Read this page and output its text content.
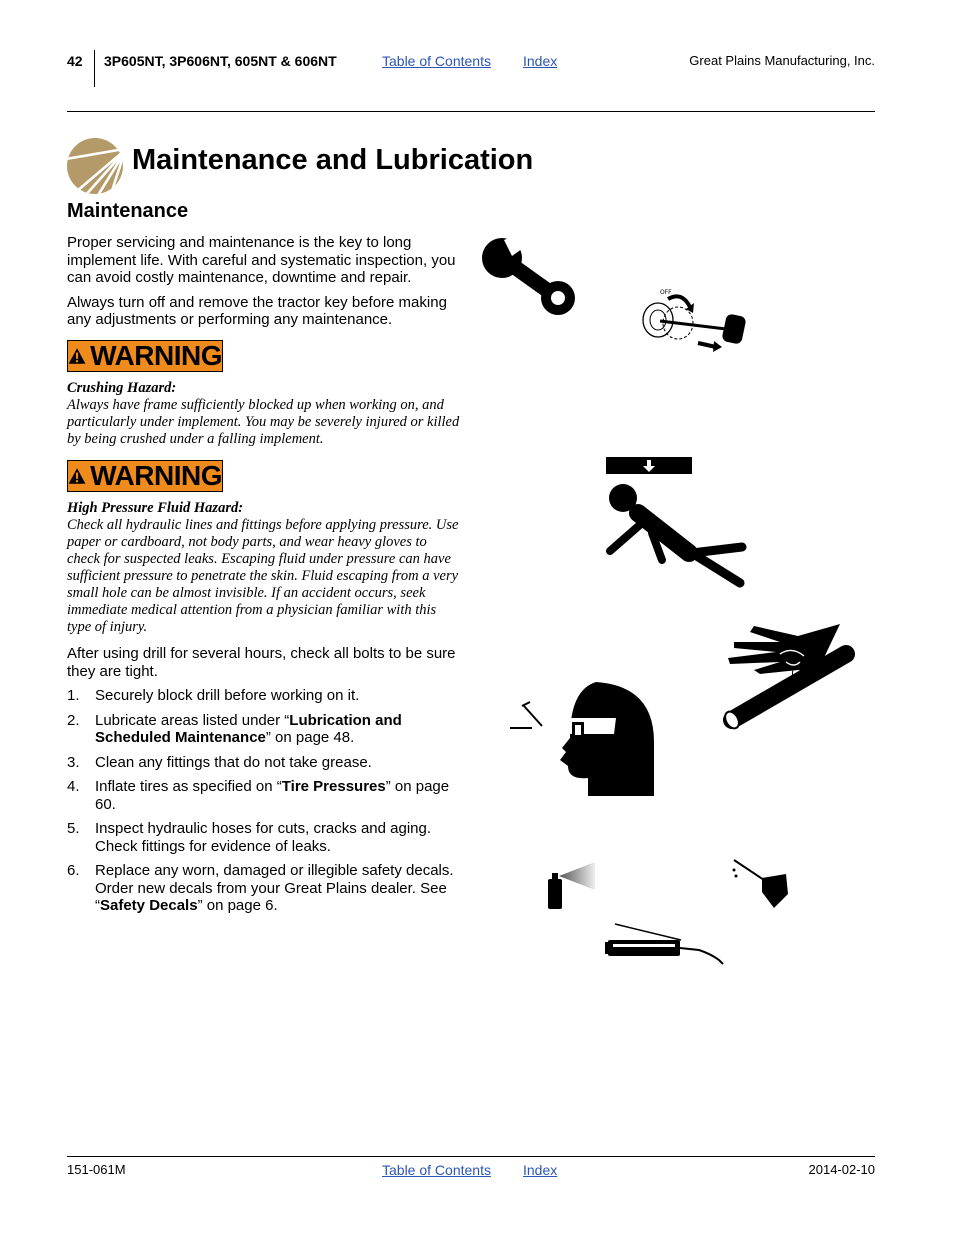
42 3P605NT, 3P606NT, 605NT & 606NT	Table of Contents Index	Great Plains Manufacturing, Inc.
Maintenance and Lubrication
Maintenance

Proper servicing and maintenance is the key to long implement life. With careful and systematic inspection, you can avoid costly maintenance, downtime and repair.

Always turn off and remove the tractor key before making any adjustments or performing any maintenance.

WARNING
Crushing Hazard:
Always have frame sufficiently blocked up when working on, and particularly under implement. You may be severely injured or killed by being crushed under a falling implement.
WARNING
High Pressure Fluid Hazard:
Check all hydraulic lines and fittings before applying pressure. Use paper or cardboard, not body parts, and wear heavy gloves to check for suspected leaks. Escaping fluid under pressure can have sufficient pressure to penetrate the skin. Fluid escaping from a very small hole can be almost invisible. If an accident occurs, seek immediate medical attention from a physician familiar with this type of injury.
After using drill for several hours, check all bolts to be sure they are tight.
1. Securely block drill before working on it.
2. Lubricate areas listed under “Lubrication and Scheduled Maintenance” on page 48.
3. Clean any fittings that do not take grease.
4. Inflate tires as specified on “Tire Pressures” on page 60.
5. Inspect hydraulic hoses for cuts, cracks and aging. Check fittings for evidence of leaks.
6. Replace any worn, damaged or illegible safety decals. Order new decals from your Great Plains dealer. See “Safety Decals” on page 6.
OFF
151-061M	Table of Contents Index	2014-02-10
